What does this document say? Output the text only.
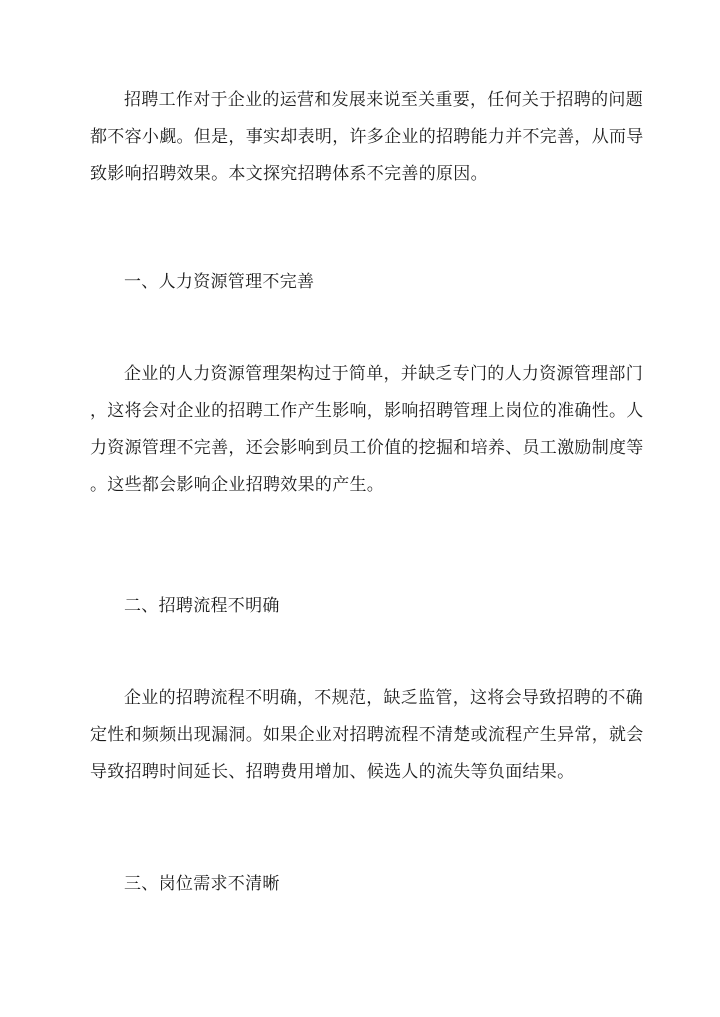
招聘工作对于企业的运营和发展来说至关重要，任何关于招聘的问题
都不容小觑。但是，事实却表明，许多企业的招聘能力并不完善，从而导
致影响招聘效果。本文探究招聘体系不完善的原因。
一、人力资源管理不完善
企业的人力资源管理架构过于简单，并缺乏专门的人力资源管理部门
，这将会对企业的招聘工作产生影响，影响招聘管理上岗位的准确性。人
力资源管理不完善，还会影响到员工价值的挖掘和培养、员工激励制度等
。这些都会影响企业招聘效果的产生。
二、招聘流程不明确
企业的招聘流程不明确，不规范，缺乏监管，这将会导致招聘的不确
定性和频频出现漏洞。如果企业对招聘流程不清楚或流程产生异常，就会
导致招聘时间延长、招聘费用增加、候选人的流失等负面结果。
三、岗位需求不清晰
